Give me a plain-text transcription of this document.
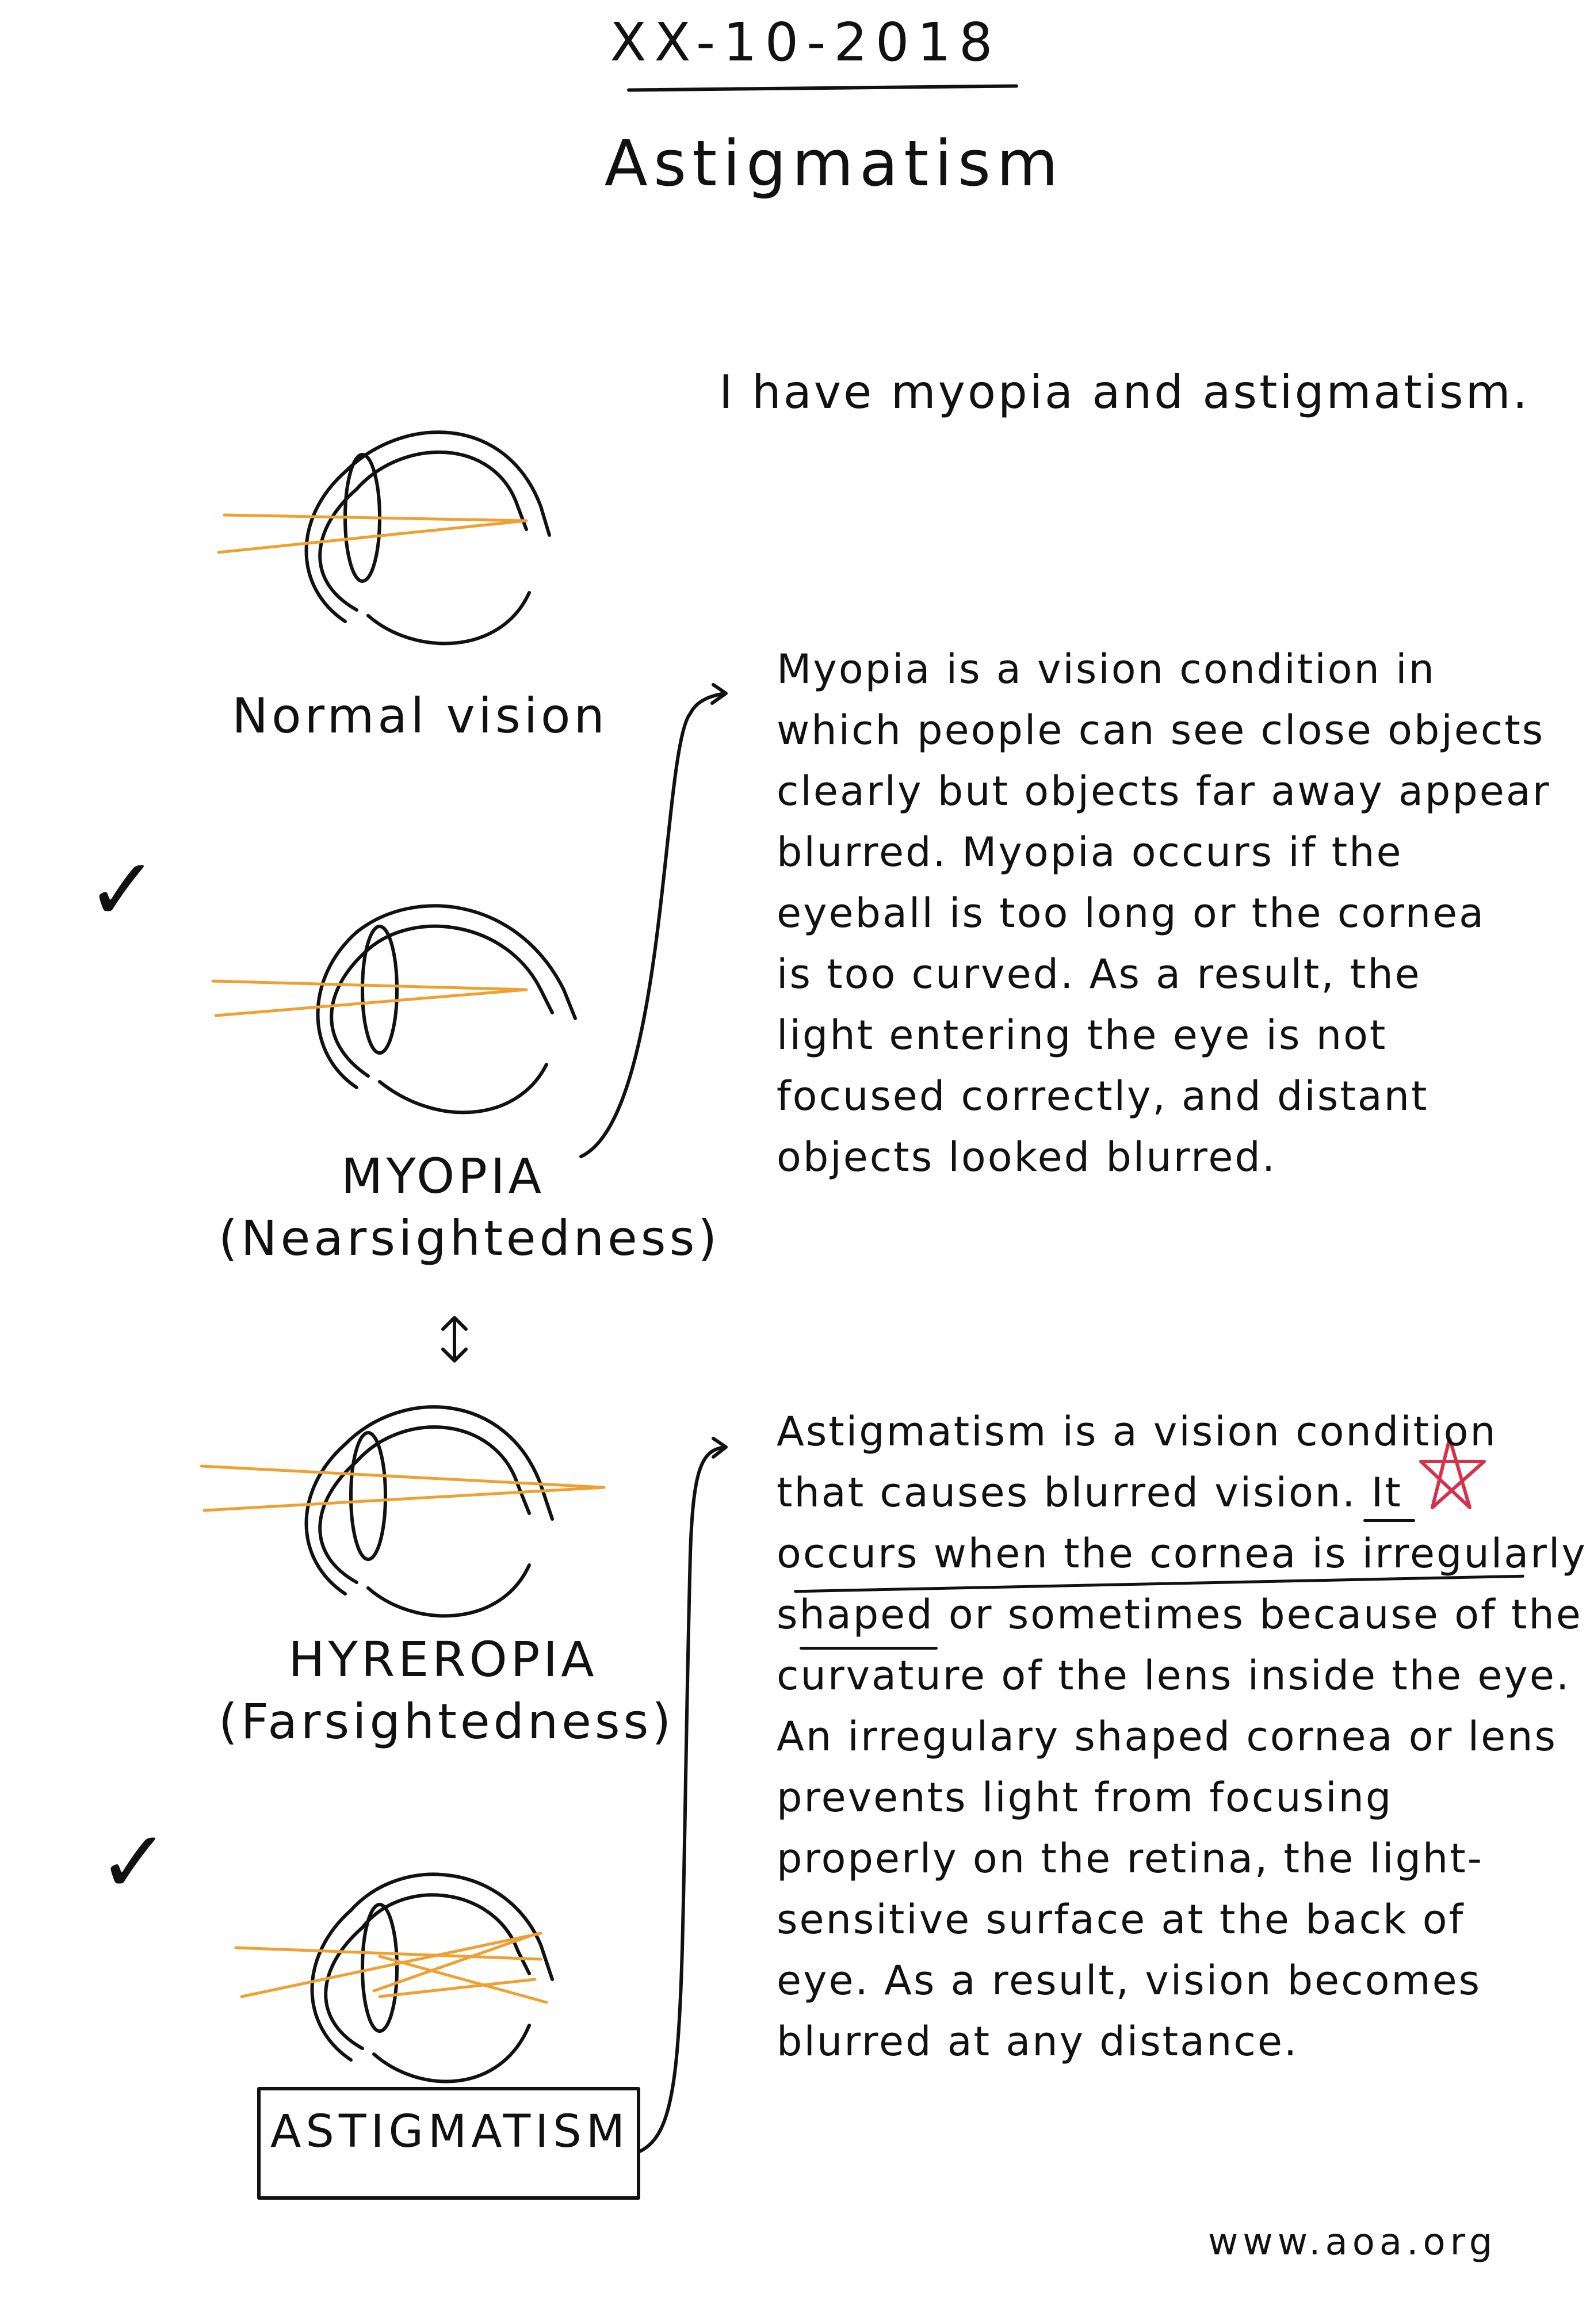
XX-10-2018
Astigmatism
I have myopia and astigmatism.
Normal vision
MYOPIA
(Nearsightedness)
HYREROPIA
(Farsightedness)
ASTIGMATISM
✓
✓
Myopia is a vision condition in
which people can see close objects
clearly but objects far away appear
blurred. Myopia occurs if the
eyeball is too long or the cornea
is too curved. As a result, the
light entering the eye is not
focused correctly, and distant
objects looked blurred.
Astigmatism is a vision condition
that causes blurred vision. It
occurs when the cornea is irregularly
shaped or sometimes because of the
curvature of the lens inside the eye.
An irregulary shaped cornea or lens
prevents light from focusing
properly on the retina, the light-
sensitive surface at the back of
eye. As a result, vision becomes
blurred at any distance.
www.aoa.org
